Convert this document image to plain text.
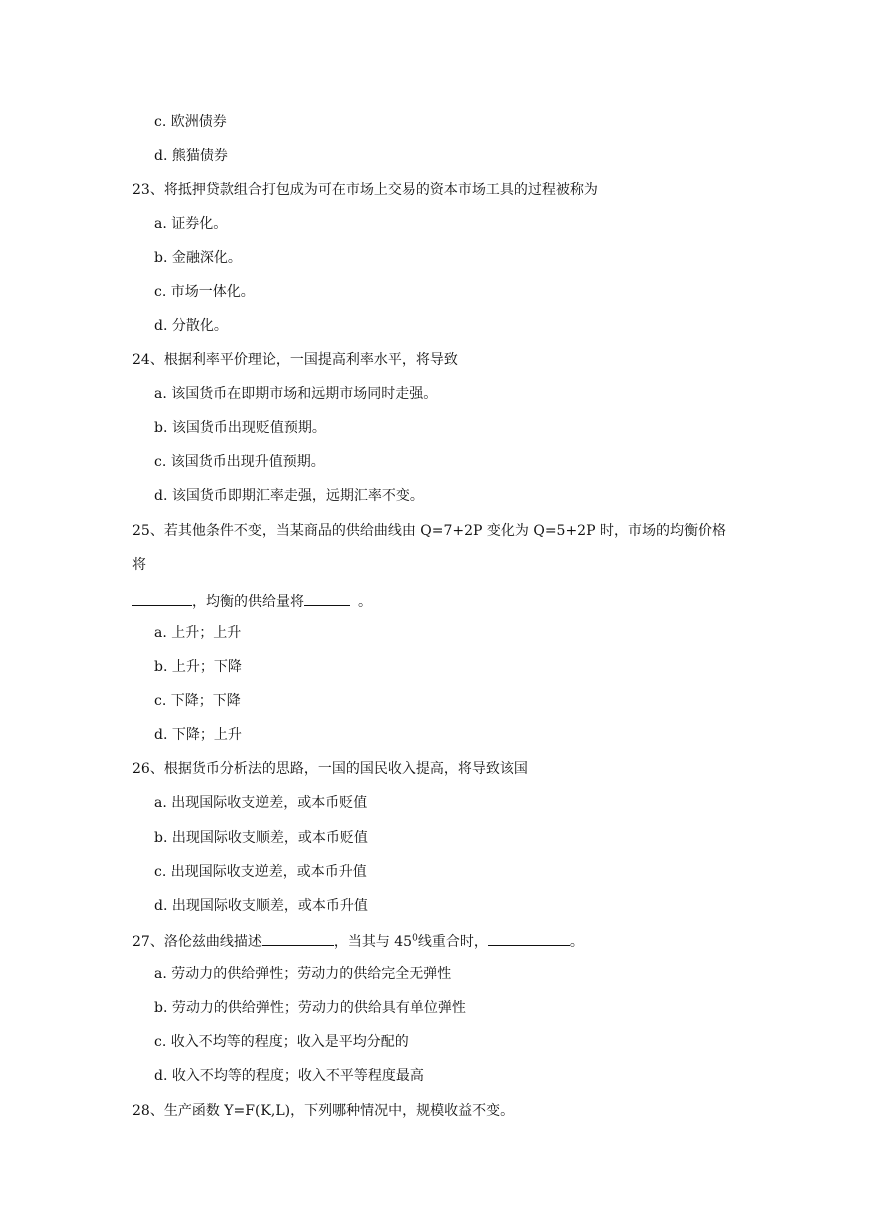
c. 欧洲债券
d. 熊猫债券
23、将抵押贷款组合打包成为可在市场上交易的资本市场工具的过程被称为
a. 证券化。
b. 金融深化。
c. 市场一体化。
d. 分散化。
24、根据利率平价理论，一国提高利率水平，将导致
a. 该国货币在即期市场和远期市场同时走强。
b. 该国货币出现贬值预期。
c. 该国货币出现升值预期。
d. 该国货币即期汇率走强，远期汇率不变。
25、若其他条件不变，当某商品的供给曲线由 Q=7+2P 变化为 Q=5+2P 时，市场的均衡价格
将
，均衡的供给量将	。
a. 上升；上升
b. 上升；下降
c. 下降；下降
d. 下降；上升
26、根据货币分析法的思路，一国的国民收入提高，将导致该国
a. 出现国际收支逆差，或本币贬值
b. 出现国际收支顺差，或本币贬值
c. 出现国际收支逆差，或本币升值
d. 出现国际收支顺差，或本币升值
27、洛伦兹曲线描述	，当其与 $45^0$线重合时，	。
a. 劳动力的供给弹性；劳动力的供给完全无弹性
b. 劳动力的供给弹性；劳动力的供给具有单位弹性
c. 收入不均等的程度；收入是平均分配的
d. 收入不均等的程度；收入不平等程度最高
28、生产函数 Y=F(K,L)，下列哪种情况中，规模收益不变。
